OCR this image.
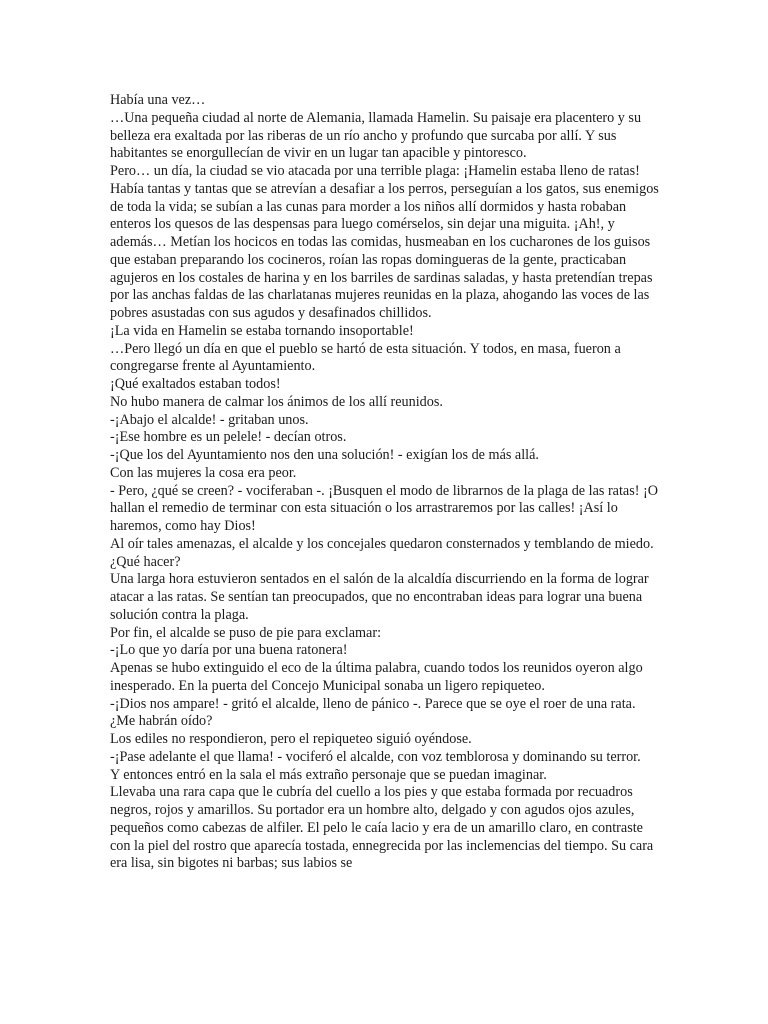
Había una vez…

…Una pequeña ciudad al norte de Alemania, llamada Hamelin. Su paisaje era placentero y su belleza era exaltada por las riberas de un río ancho y profundo que surcaba por allí. Y sus habitantes se enorgullecían de vivir en un lugar tan apacible y pintoresco.

Pero… un día, la ciudad se vio atacada por una terrible plaga: ¡Hamelin estaba lleno de ratas!

Había tantas y tantas que se atrevían a desafiar a los perros, perseguían a los gatos, sus enemigos de toda la vida; se subían a las cunas para morder a los niños allí dormidos y hasta robaban enteros los quesos de las despensas para luego comérselos, sin dejar una miguita. ¡Ah!, y además… Metían los hocicos en todas las comidas, husmeaban en los cucharones de los guisos que estaban preparando los cocineros, roían las ropas domingueras de la gente, practicaban agujeros en los costales de harina y en los barriles de sardinas saladas, y hasta pretendían trepas por las anchas faldas de las charlatanas mujeres reunidas en la plaza, ahogando las voces de las pobres asustadas con sus agudos y desafinados chillidos.

¡La vida en Hamelin se estaba tornando insoportable!

…Pero llegó un día en que el pueblo se hartó de esta situación. Y todos, en masa, fueron a congregarse frente al Ayuntamiento.

¡Qué exaltados estaban todos!

No hubo manera de calmar los ánimos de los allí reunidos.

-¡Abajo el alcalde! - gritaban unos.

-¡Ese hombre es un pelele! - decían otros.

-¡Que los del Ayuntamiento nos den una solución! - exigían los de más allá.

Con las mujeres la cosa era peor.

- Pero, ¿qué se creen? - vociferaban -. ¡Busquen el modo de librarnos de la plaga de las ratas! ¡O hallan el remedio de terminar con esta situación o los arrastraremos por las calles! ¡Así lo haremos, como hay Dios!

Al oír tales amenazas, el alcalde y los concejales quedaron consternados y temblando de miedo.

¿Qué hacer?

Una larga hora estuvieron sentados en el salón de la alcaldía discurriendo en la forma de lograr atacar a las ratas. Se sentían tan preocupados, que no encontraban ideas para lograr una buena solución contra la plaga.

Por fin, el alcalde se puso de pie para exclamar:

-¡Lo que yo daría por una buena ratonera!

Apenas se hubo extinguido el eco de la última palabra, cuando todos los reunidos oyeron algo inesperado. En la puerta del Concejo Municipal sonaba un ligero repiqueteo.

-¡Dios nos ampare! - gritó el alcalde, lleno de pánico -. Parece que se oye el roer de una rata. ¿Me habrán oído?

Los ediles no respondieron, pero el repiqueteo siguió oyéndose.

-¡Pase adelante el que llama! - vociferó el alcalde, con voz temblorosa y dominando su terror.

Y entonces entró en la sala el más extraño personaje que se puedan imaginar.

Llevaba una rara capa que le cubría del cuello a los pies y que estaba formada por recuadros negros, rojos y amarillos. Su portador era un hombre alto, delgado y con agudos ojos azules, pequeños como cabezas de alfiler. El pelo le caía lacio y era de un amarillo claro, en contraste con la piel del rostro que aparecía tostada, ennegrecida por las inclemencias del tiempo. Su cara era lisa, sin bigotes ni barbas; sus labios se
